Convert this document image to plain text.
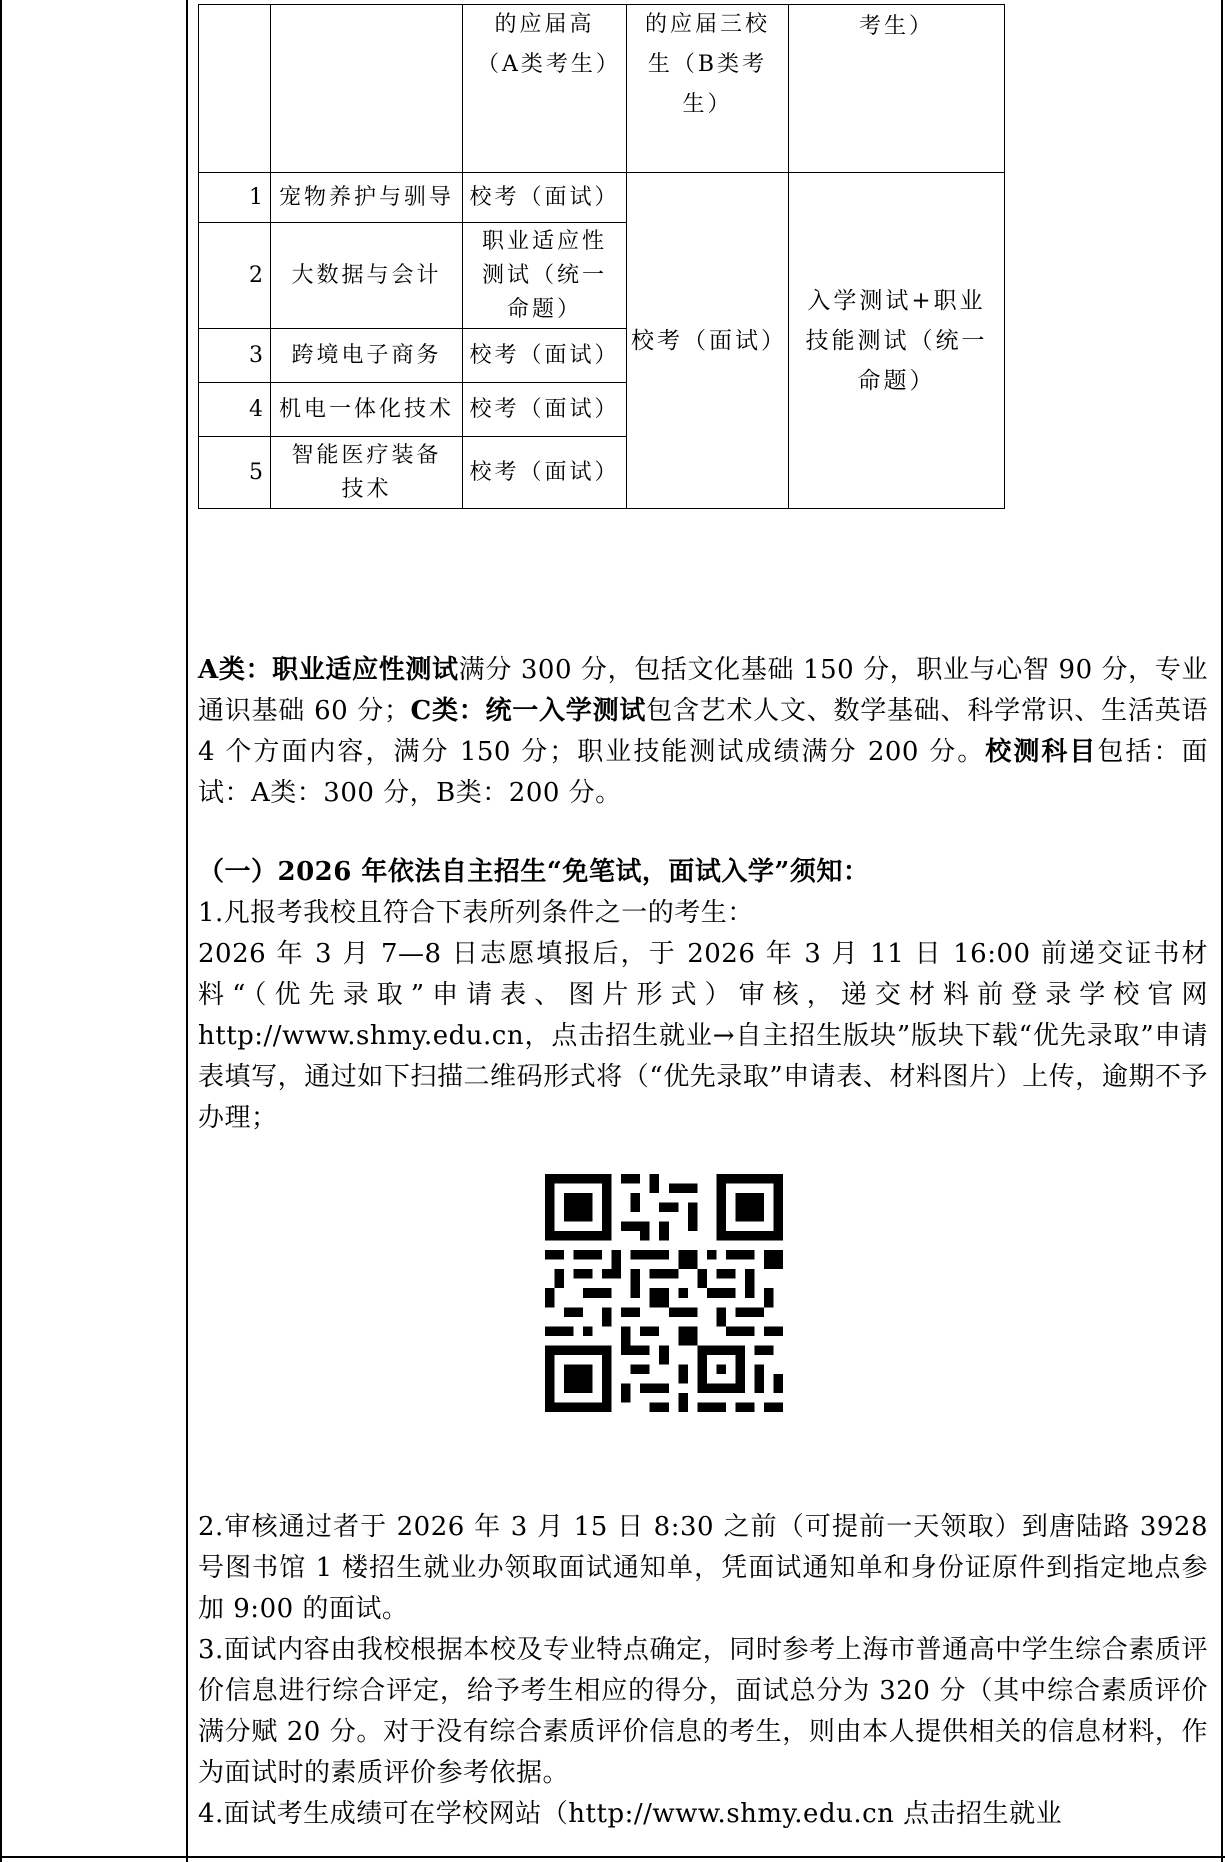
		的应届高（A类考生）	的应届三校生（B类考生）	考生）
1	宠物养护与驯导	校考（面试）	校考（面试）	入学测试+职业技能测试（统一命题）
2	大数据与会计	职业适应性测试（统一命题）		
3	跨境电子商务	校考（面试）		
4	机电一体化技术	校考（面试）		
5	智能医疗装备技术	校考（面试）		

A类：职业适应性测试满分 300 分，包括文化基础 150 分，职业与心智 90 分，专业通识基础 60 分；C类：统一入学测试包含艺术人文、数学基础、科学常识、生活英语 4 个方面内容，满分 150 分；职业技能测试成绩满分 200 分。校测科目包括：面试：A类：300 分，B类：200 分。

（一）2026 年依法自主招生“免笔试，面试入学”须知：

1.凡报考我校且符合下表所列条件之一的考生：

2026 年 3 月 7—8 日志愿填报后，于 2026 年 3 月 11 日 16:00 前递交证书材料“（优先录取”申请表、图片形式）审核，递交材料前登录学校官网 http://www.shmy.edu.cn，点击招生就业→自主招生版块”版块下载“优先录取”申请表填写，通过如下扫描二维码形式将（“优先录取”申请表、材料图片）上传，逾期不予办理；

2.审核通过者于 2026 年 3 月 15 日 8:30 之前（可提前一天领取）到唐陆路 3928 号图书馆 1 楼招生就业办领取面试通知单，凭面试通知单和身份证原件到指定地点参加 9:00 的面试。

3.面试内容由我校根据本校及专业特点确定，同时参考上海市普通高中学生综合素质评价信息进行综合评定，给予考生相应的得分，面试总分为 320 分（其中综合素质评价满分赋 20 分。对于没有综合素质评价信息的考生，则由本人提供相关的信息材料，作为面试时的素质评价参考依据。

4.面试考生成绩可在学校网站（http://www.shmy.edu.cn 点击招生就业
